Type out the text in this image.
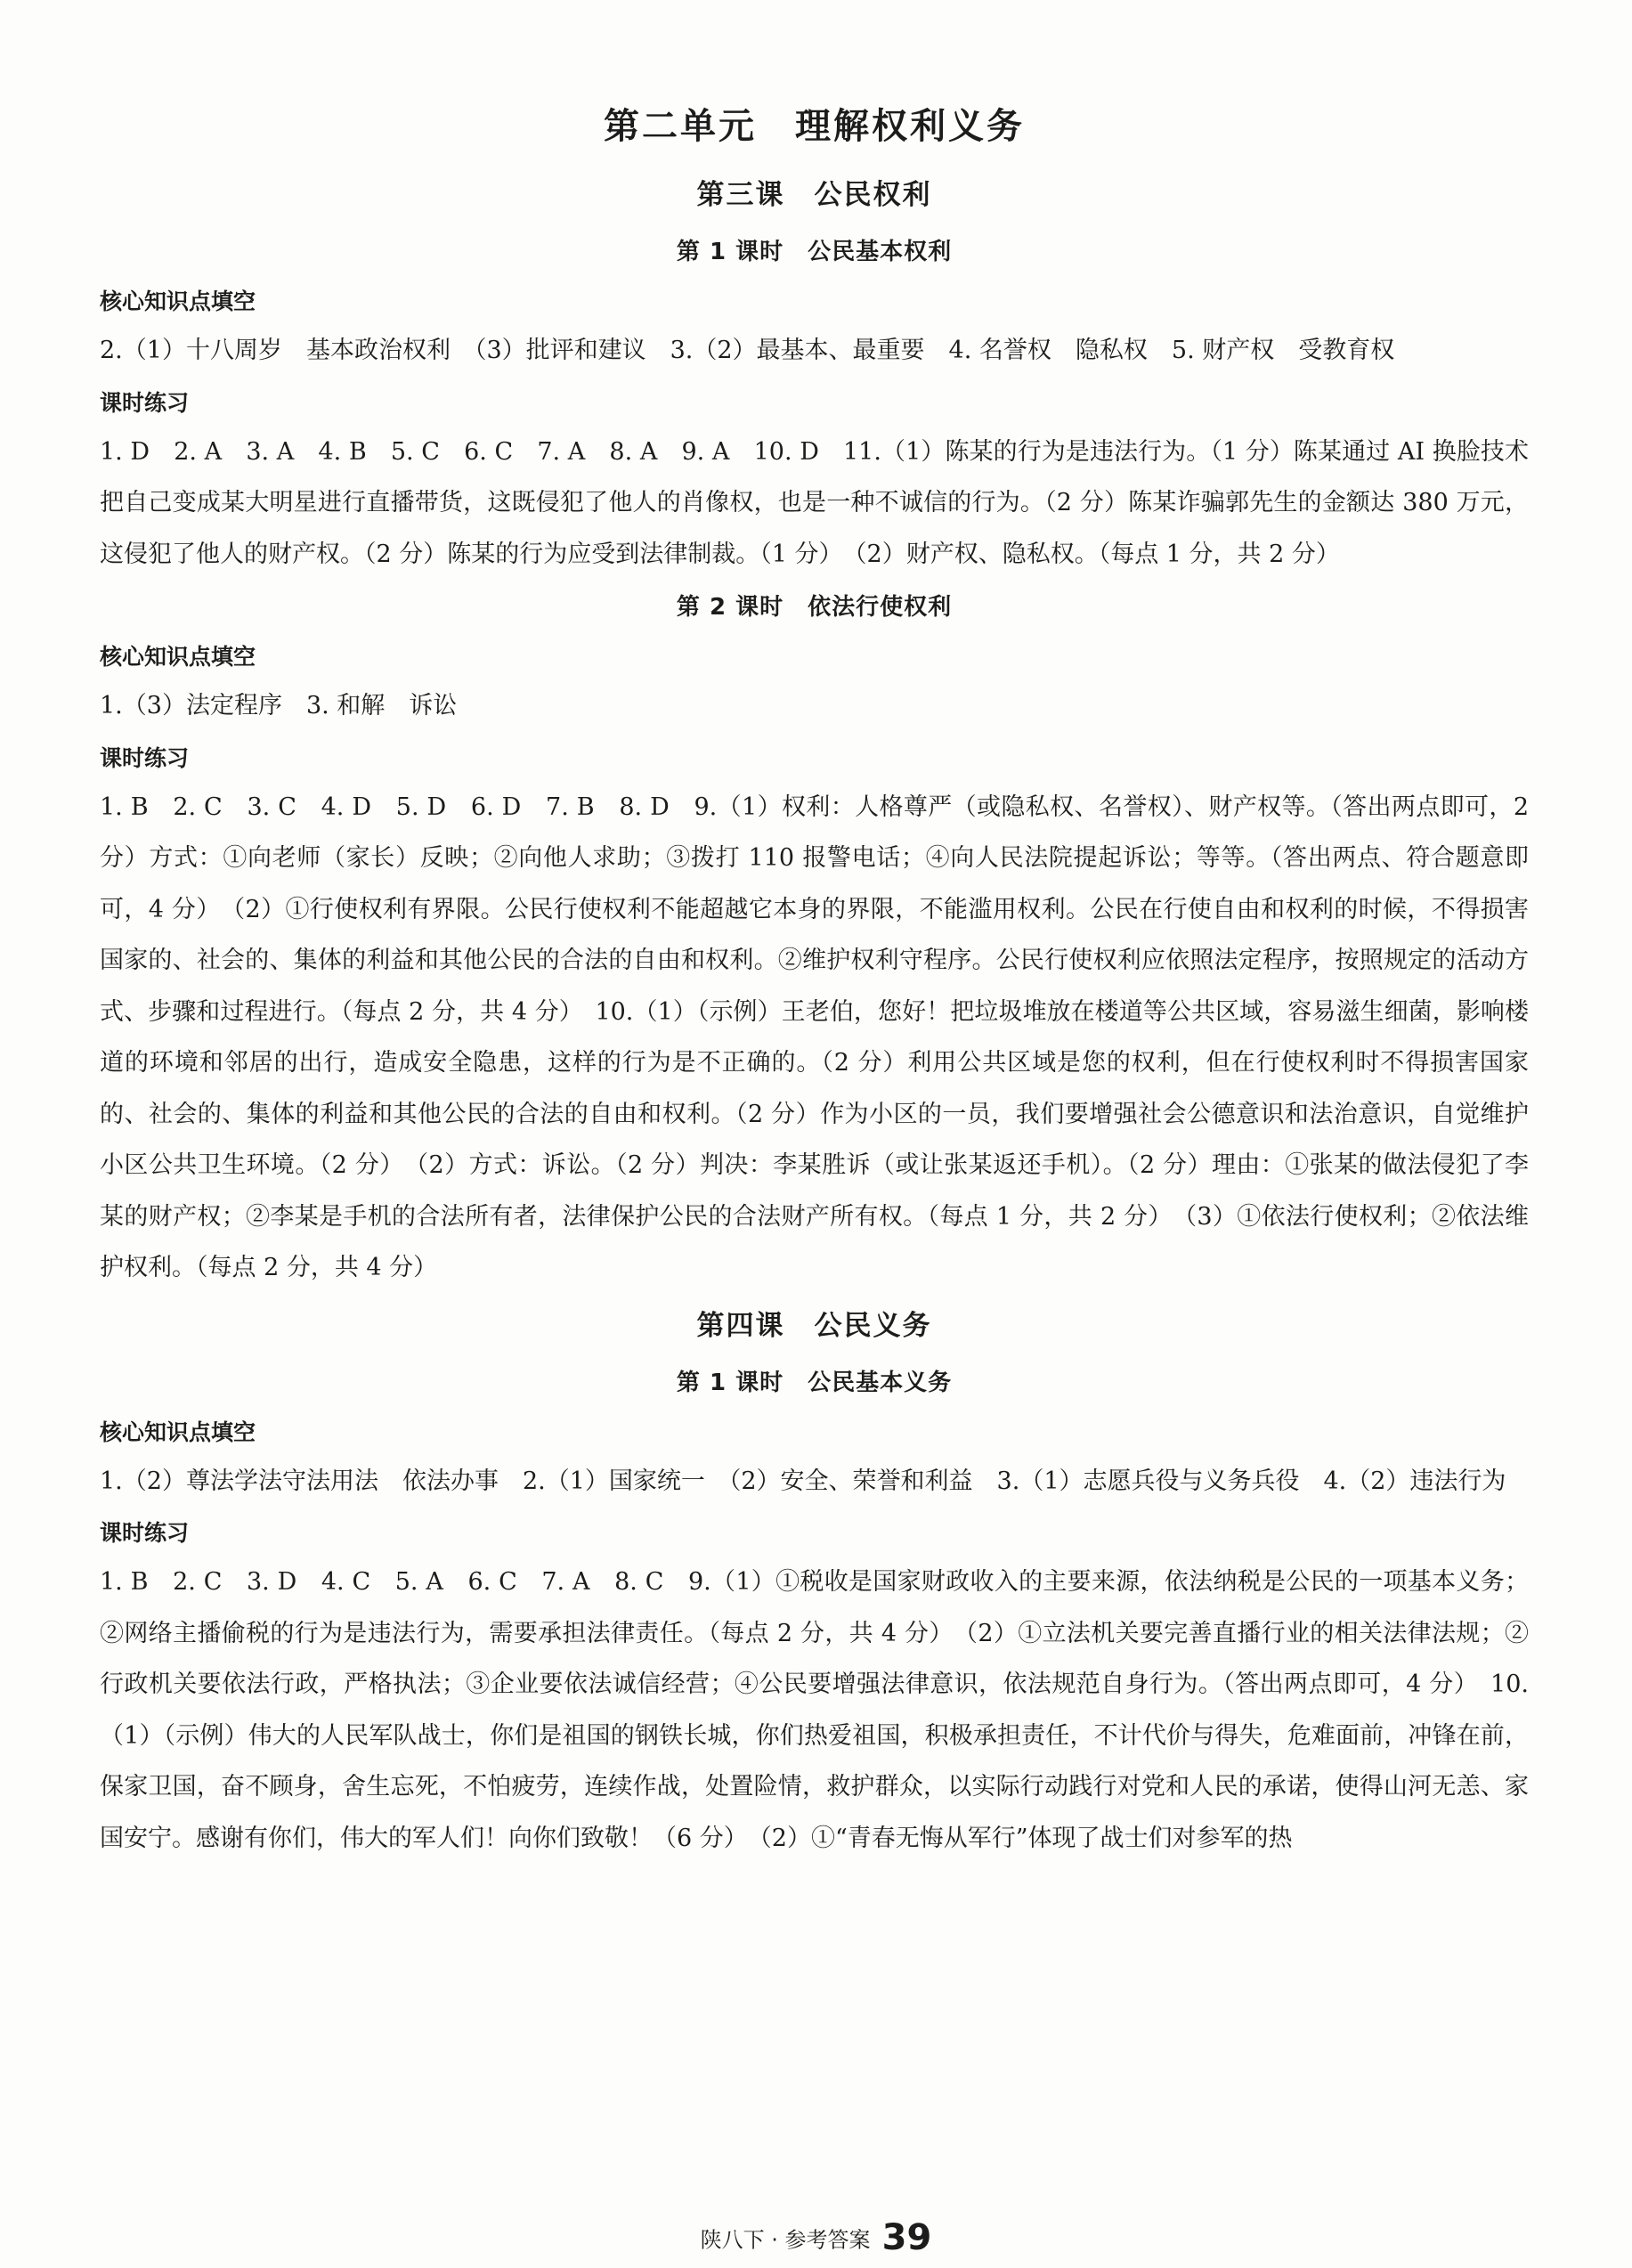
第二单元　理解权利义务
第三课　公民权利
第 1 课时　公民基本权利
核心知识点填空
2.（1）十八周岁　基本政治权利　（3）批评和建议　3.（2）最基本、最重要　4. 名誉权　隐私权　5. 财产权　受教育权
课时练习
1. D　2. A　3. A　4. B　5. C　6. C　7. A　8. A　9. A　10. D　11.（1）陈某的行为是违法行为。（1 分）陈某通过 AI 换脸技术把自己变成某大明星进行直播带货，这既侵犯了他人的肖像权，也是一种不诚信的行为。（2 分）陈某诈骗郭先生的金额达 380 万元，这侵犯了他人的财产权。（2 分）陈某的行为应受到法律制裁。（1 分）　（2）财产权、隐私权。（每点 1 分，共 2 分）
第 2 课时　依法行使权利
核心知识点填空
1.（3）法定程序　3. 和解　诉讼
课时练习
1. B　2. C　3. C　4. D　5. D　6. D　7. B　8. D　9.（1）权利：人格尊严（或隐私权、名誉权）、财产权等。（答出两点即可，2 分）方式：①向老师（家长）反映；②向他人求助；③拨打 110 报警电话；④向人民法院提起诉讼；等等。（答出两点、符合题意即可，4 分）　（2）①行使权利有界限。公民行使权利不能超越它本身的界限，不能滥用权利。公民在行使自由和权利的时候，不得损害国家的、社会的、集体的利益和其他公民的合法的自由和权利。②维护权利守程序。公民行使权利应依照法定程序，按照规定的活动方式、步骤和过程进行。（每点 2 分，共 4 分）　10.（1）（示例）王老伯，您好！把垃圾堆放在楼道等公共区域，容易滋生细菌，影响楼道的环境和邻居的出行，造成安全隐患，这样的行为是不正确的。（2 分）利用公共区域是您的权利，但在行使权利时不得损害国家的、社会的、集体的利益和其他公民的合法的自由和权利。（2 分）作为小区的一员，我们要增强社会公德意识和法治意识，自觉维护小区公共卫生环境。（2 分）　（2）方式：诉讼。（2 分）判决：李某胜诉（或让张某返还手机）。（2 分）理由：①张某的做法侵犯了李某的财产权；②李某是手机的合法所有者，法律保护公民的合法财产所有权。（每点 1 分，共 2 分）　（3）①依法行使权利；②依法维护权利。（每点 2 分，共 4 分）
第四课　公民义务
第 1 课时　公民基本义务
核心知识点填空
1.（2）尊法学法守法用法　依法办事　2.（1）国家统一　（2）安全、荣誉和利益　3.（1）志愿兵役与义务兵役　4.（2）违法行为
课时练习
1. B　2. C　3. D　4. C　5. A　6. C　7. A　8. C　9.（1）①税收是国家财政收入的主要来源，依法纳税是公民的一项基本义务；②网络主播偷税的行为是违法行为，需要承担法律责任。（每点 2 分，共 4 分）　（2）①立法机关要完善直播行业的相关法律法规；②行政机关要依法行政，严格执法；③企业要依法诚信经营；④公民要增强法律意识，依法规范自身行为。（答出两点即可，4 分）　10.（1）（示例）伟大的人民军队战士，你们是祖国的钢铁长城，你们热爱祖国，积极承担责任，不计代价与得失，危难面前，冲锋在前，保家卫国，奋不顾身，舍生忘死，不怕疲劳，连续作战，处置险情，救护群众，以实际行动践行对党和人民的承诺，使得山河无恙、家国安宁。感谢有你们，伟大的军人们！向你们致敬！（6 分）　（2）①“青春无悔从军行”体现了战士们对参军的热
陕八下 · 参考答案 39
